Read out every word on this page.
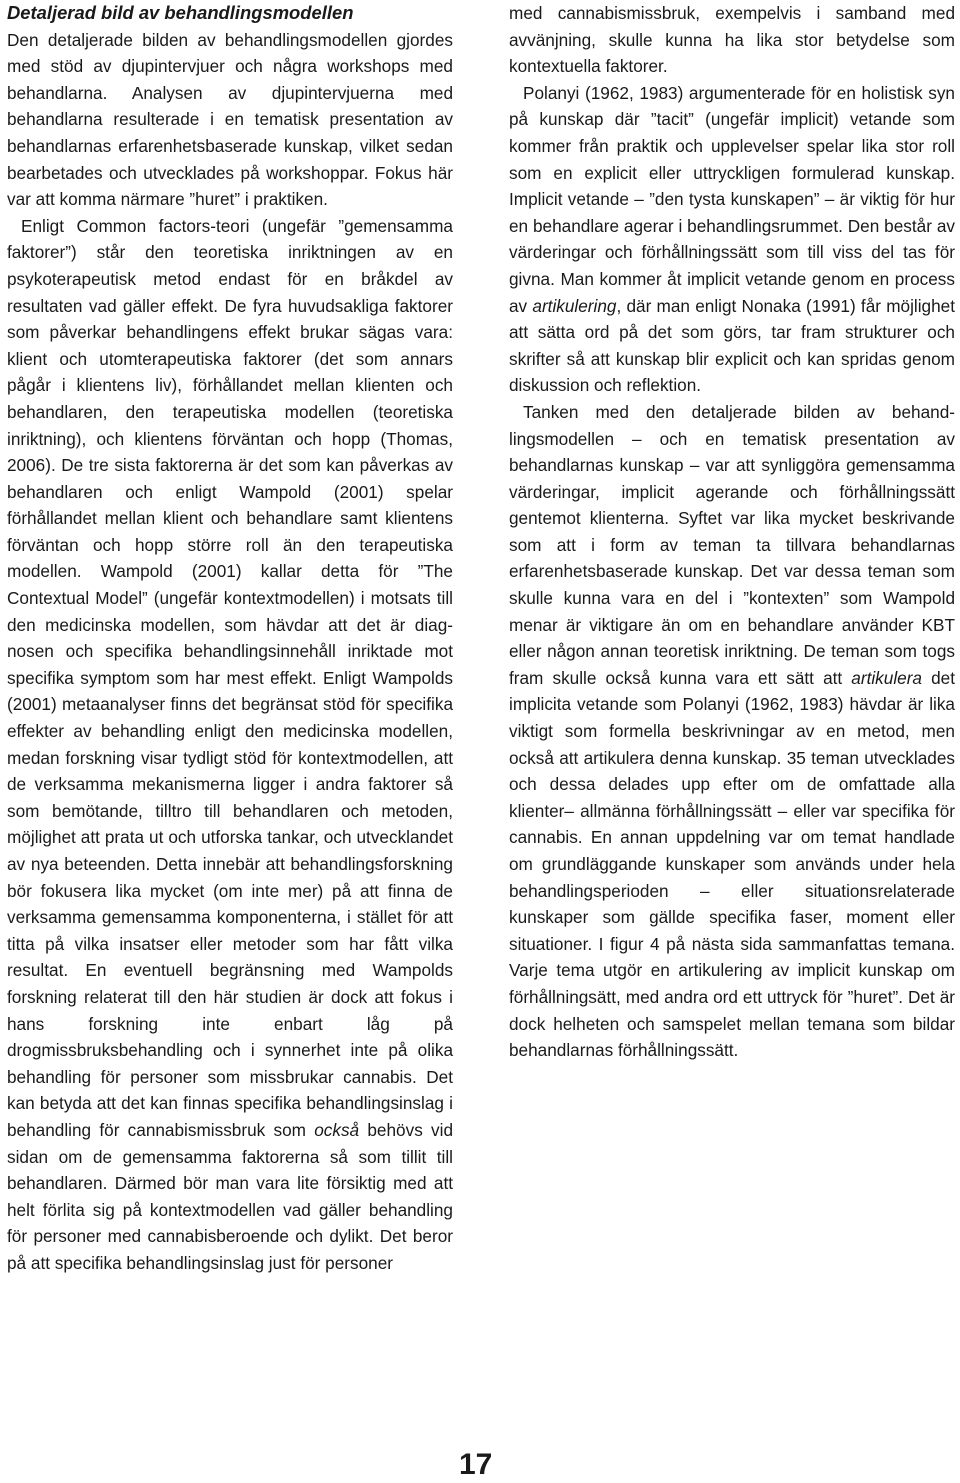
Detaljerad bild av behandlingsmodellen

Den detaljerade bilden av behandlingsmodellen gjordes med stöd av djupintervjuer och några workshops med behandlarna. Analysen av djupintervjuerna med behandlarna resulterade i en tematisk presentation av behandlarnas erfarenhetsbaserade kunskap, vilket sedan bearbetades och utvecklades på workshoppar. Fokus här var att komma närmare ”huret” i praktiken.

Enligt Common factors-teori (ungefär ”gemensamma faktorer”) står den teoretiska inriktningen av en psykoterapeutisk metod endast för en bråkdel av resultaten vad gäller effekt. De fyra huvudsakliga faktorer som påverkar behandlingens effekt brukar sägas vara: klient och utomterapeutiska faktorer (det som annars pågår i klientens liv), förhållandet mellan klienten och behandlaren, den terapeutiska modellen (teoretiska inriktning), och klientens förväntan och hopp (Thomas, 2006). De tre sista faktorerna är det som kan påverkas av behandlaren och enligt Wampold (2001) spelar förhållandet mellan klient och behandlare samt klientens förväntan och hopp större roll än den terapeutiska modellen. Wampold (2001) kallar detta för ”The Contextual Model” (ungefär kontextmodellen) i motsats till den medicinska modellen, som hävdar att det är diagnosen och specifika behandlingsinnehåll inriktade mot specifika symptom som har mest effekt. Enligt Wampolds (2001) metaanalyser finns det begränsat stöd för specifika effekter av behandling enligt den medicinska modellen, medan forskning visar tydligt stöd för kontextmodellen, att de verksamma mekanismerna ligger i andra faktorer så som bemötande, tilltro till behandlaren och metoden, möjlighet att prata ut och utforska tankar, och utvecklandet av nya beteenden. Detta innebär att behandlingsforskning bör fokusera lika mycket (om inte mer) på att finna de verksamma gemensamma komponenterna, i stället för att titta på vilka insatser eller metoder som har fått vilka resultat. En eventuell begränsning med Wampolds forskning relaterat till den här studien är dock att fokus i hans forskning inte enbart låg på drogmissbruksbehandling och i synnerhet inte på olika behandling för personer som missbrukar cannabis. Det kan betyda att det kan finnas specifika behandlingsinslag i behandling för cannabismissbruk som också behövs vid sidan om de gemensamma faktorerna så som tillit till behandlaren. Därmed bör man vara lite försiktig med att helt förlita sig på kontextmodellen vad gäller behandling för personer med cannabisberoende och dylikt. Det beror på att specifika behandlingsinslag just för personer

med cannabismissbruk, exempelvis i samband med avvänjning, skulle kunna ha lika stor betydelse som kontextuella faktorer.

Polanyi (1962, 1983) argumenterade för en holistisk syn på kunskap där ”tacit” (ungefär implicit) vetande som kommer från praktik och upplevelser spelar lika stor roll som en explicit eller uttryckligen formulerad kunskap. Implicit vetande – ”den tysta kunskapen” – är viktig för hur en behandlare agerar i behandlingsrummet. Den består av värderingar och förhållningssätt som till viss del tas för givna. Man kommer åt implicit vetande genom en process av artikulering, där man enligt Nonaka (1991) får möjlighet att sätta ord på det som görs, tar fram strukturer och skrifter så att kunskap blir explicit och kan spridas genom diskussion och reflektion.

Tanken med den detaljerade bilden av behandlingsmodellen – och en tematisk presentation av behandlarnas kunskap – var att synliggöra gemensamma värderingar, implicit agerande och förhållningssätt gentemot klienterna. Syftet var lika mycket beskrivande som att i form av teman ta tillvara behandlarnas erfarenhetsbaserade kunskap. Det var dessa teman som skulle kunna vara en del i ”kontexten” som Wampold menar är viktigare än om en behandlare använder KBT eller någon annan teoretisk inriktning. De teman som togs fram skulle också kunna vara ett sätt att artikulera det implicita vetande som Polanyi (1962, 1983) hävdar är lika viktigt som formella beskrivningar av en metod, men också att artikulera denna kunskap. 35 teman utvecklades och dessa delades upp efter om de omfattade alla klienter– allmänna förhållningssätt – eller var specifika för cannabis. En annan uppdelning var om temat handlade om grundläggande kunskaper som används under hela behandlingsperioden – eller situationsrelaterade kunskaper som gällde specifika faser, moment eller situationer. I figur 4 på nästa sida sammanfattas temana. Varje tema utgör en artikulering av implicit kunskap om förhållningsätt, med andra ord ett uttryck för ”huret”. Det är dock helheten och samspelet mellan temana som bildar behandlarnas förhållningssätt.

17
